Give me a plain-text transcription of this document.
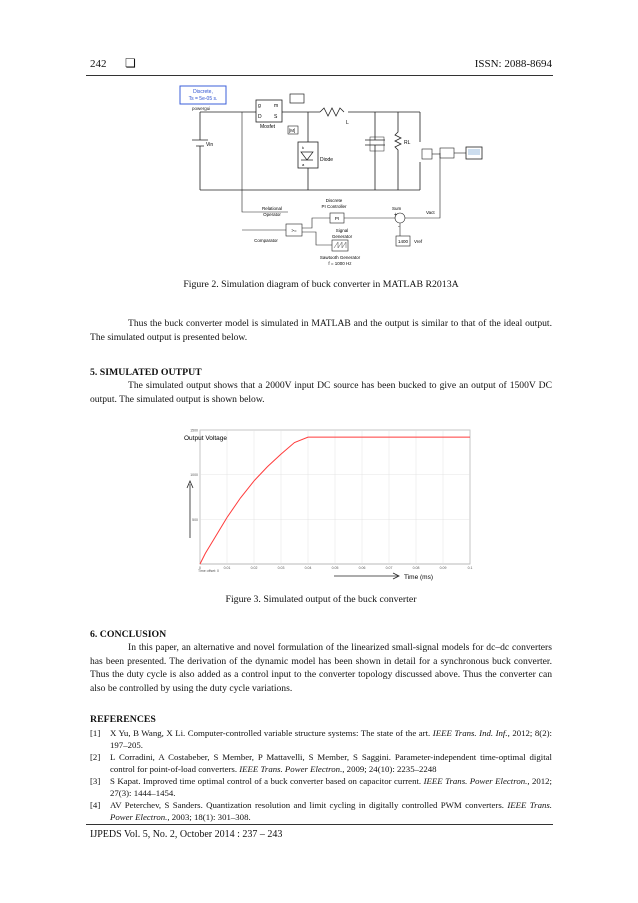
242 ❏	ISSN: 2088-8694
Discrete,
Ts = 5e-05 s.
powergui	g
D
m
S
Mosfet
L
Vin
[M]
Diode
k
a
RL
Discrete
PI Controller
PI
Sum
+
-
Vact
1400 Vref
Relational
Operator
>=
Comparator
Signal
Generator
Sawtooth Generator
f = 1000 Hz
Figure 2. Simulation diagram of buck converter in MATLAB R2013A
Thus the buck converter model is simulated in MATLAB and the output is similar to that of the ideal output. The simulated output is presented below.
5. SIMULATED OUTPUT
The simulated output shows that a 2000V input DC source has been bucked to give an output of 1500V DC output. The simulated output is shown below.
500
1000
1500
0	0.01	0.02	0.03	0.04	0.05	0.06	0.07	0.08	0.09	0.1
Output Voltage
Time offset: 0
Time (ms)
Figure 3. Simulated output of the buck converter
6. CONCLUSION
In this paper, an alternative and novel formulation of the linearized small-signal models for dc–dc converters has been presented. The derivation of the dynamic model has been shown in detail for a synchronous buck converter. Thus the duty cycle is also added as a control input to the converter topology discussed above. Thus the converter can also be controlled by using the duty cycle variations.
REFERENCES
[1]	X Yu, B Wang, X Li. Computer-controlled variable structure systems: The state of the art. IEEE Trans. Ind. Inf., 2012; 8(2): 197–205.
[2]	L Corradini, A Costabeber, S Member, P Mattavelli, S Member, S Saggini. Parameter-independent time-optimal digital control for point-of-load converters. IEEE Trans. Power Electron., 2009; 24(10): 2235–2248
[3]	S Kapat. Improved time optimal control of a buck converter based on capacitor current. IEEE Trans. Power Electron., 2012; 27(3): 1444–1454.
[4]	AV Peterchev, S Sanders. Quantization resolution and limit cycling in digitally controlled PWM converters. IEEE Trans. Power Electron., 2003; 18(1): 301–308.
IJPEDS Vol. 5, No. 2, October 2014 : 237 – 243
